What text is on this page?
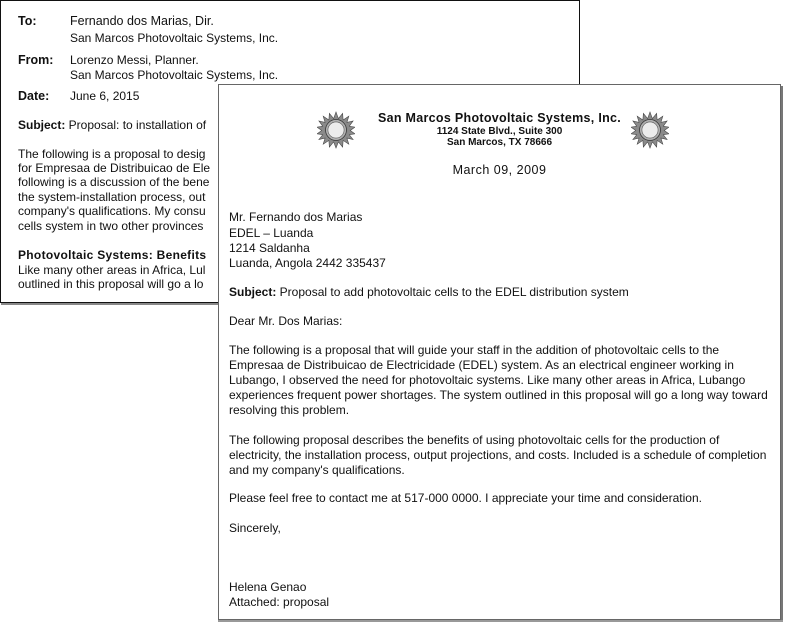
To:	Fernando dos Marias, Dir.
San Marcos Photovoltaic Systems, Inc.
From: Lorenzo Messi, Planner.
San Marcos Photovoltaic Systems, Inc.
Date: June 6, 2015
Subject: Proposal: to installation of
The following is a proposal to desig
for Empresaa de Distribuicao de Ele
following is a discussion of the bene
the system-installation process, out
company's qualifications. My consu
cells system in two other provinces
Photovoltaic Systems: Benefits
Like many other areas in Africa, Lul
outlined in this proposal will go a lo
San Marcos Photovoltaic Systems, Inc.
1124 State Blvd., Suite 300
San Marcos, TX 78666
March 09, 2009
Mr. Fernando dos Marias
EDEL – Luanda
1214 Saldanha
Luanda, Angola 2442 335437
Subject: Proposal to add photovoltaic cells to the EDEL distribution system
Dear Mr. Dos Marias:
The following is a proposal that will guide your staff in the addition of photovoltaic cells to the Empresaa de Distribuicao de Electricidade (EDEL) system. As an electrical engineer working in Lubango, I observed the need for photovoltaic systems. Like many other areas in Africa, Lubango experiences frequent power shortages. The system outlined in this proposal will go a long way toward resolving this problem.
The following proposal describes the benefits of using photovoltaic cells for the production of electricity, the installation process, output projections, and costs. Included is a schedule of completion and my company's qualifications.
Please feel free to contact me at 517-000 0000. I appreciate your time and consideration.
Sincerely,
Helena Genao
Attached: proposal
